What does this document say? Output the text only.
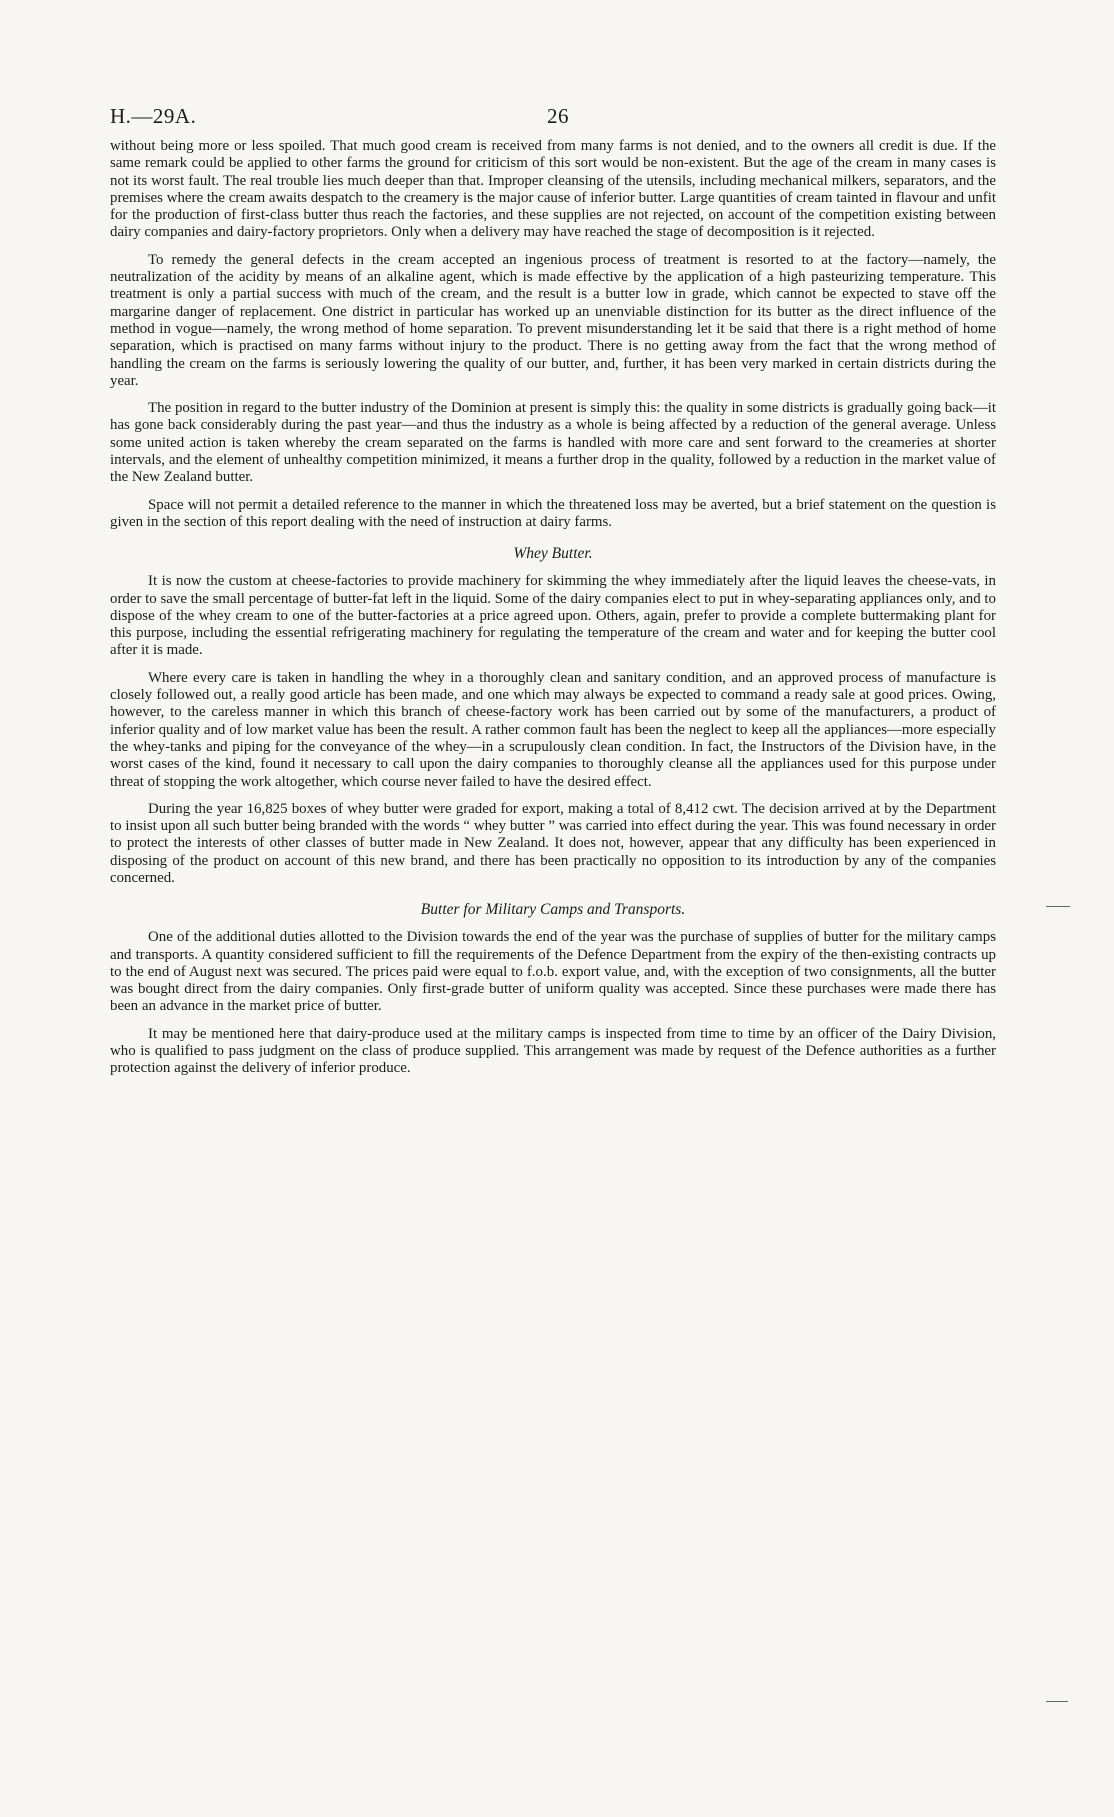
H.—29A.	26

without being more or less spoiled. That much good cream is received from many farms is not denied, and to the owners all credit is due. If the same remark could be applied to other farms the ground for criticism of this sort would be non-existent. But the age of the cream in many cases is not its worst fault. The real trouble lies much deeper than that. Improper cleansing of the utensils, including mechanical milkers, separators, and the premises where the cream awaits despatch to the creamery is the major cause of inferior butter. Large quantities of cream tainted in flavour and unfit for the production of first-class butter thus reach the factories, and these supplies are not rejected, on account of the competition existing between dairy companies and dairy-factory proprietors. Only when a delivery may have reached the stage of decomposition is it rejected.

To remedy the general defects in the cream accepted an ingenious process of treatment is resorted to at the factory—namely, the neutralization of the acidity by means of an alkaline agent, which is made effective by the application of a high pasteurizing temperature. This treatment is only a partial success with much of the cream, and the result is a butter low in grade, which cannot be expected to stave off the margarine danger of replacement. One district in particular has worked up an unenviable distinction for its butter as the direct influence of the method in vogue—namely, the wrong method of home separation. To prevent misunderstanding let it be said that there is a right method of home separation, which is practised on many farms without injury to the product. There is no getting away from the fact that the wrong method of handling the cream on the farms is seriously lowering the quality of our butter, and, further, it has been very marked in certain districts during the year.

The position in regard to the butter industry of the Dominion at present is simply this: the quality in some districts is gradually going back—it has gone back considerably during the past year—and thus the industry as a whole is being affected by a reduction of the general average. Unless some united action is taken whereby the cream separated on the farms is handled with more care and sent forward to the creameries at shorter intervals, and the element of unhealthy competition minimized, it means a further drop in the quality, followed by a reduction in the market value of the New Zealand butter.

Space will not permit a detailed reference to the manner in which the threatened loss may be averted, but a brief statement on the question is given in the section of this report dealing with the need of instruction at dairy farms.

Whey Butter.

It is now the custom at cheese-factories to provide machinery for skimming the whey immediately after the liquid leaves the cheese-vats, in order to save the small percentage of butter-fat left in the liquid. Some of the dairy companies elect to put in whey-separating appliances only, and to dispose of the whey cream to one of the butter-factories at a price agreed upon. Others, again, prefer to provide a complete buttermaking plant for this purpose, including the essential refrigerating machinery for regulating the temperature of the cream and water and for keeping the butter cool after it is made.

Where every care is taken in handling the whey in a thoroughly clean and sanitary condition, and an approved process of manufacture is closely followed out, a really good article has been made, and one which may always be expected to command a ready sale at good prices. Owing, however, to the careless manner in which this branch of cheese-factory work has been carried out by some of the manufacturers, a product of inferior quality and of low market value has been the result. A rather common fault has been the neglect to keep all the appliances—more especially the whey-tanks and piping for the conveyance of the whey—in a scrupulously clean condition. In fact, the Instructors of the Division have, in the worst cases of the kind, found it necessary to call upon the dairy companies to thoroughly cleanse all the appliances used for this purpose under threat of stopping the work altogether, which course never failed to have the desired effect.

During the year 16,825 boxes of whey butter were graded for export, making a total of 8,412 cwt. The decision arrived at by the Department to insist upon all such butter being branded with the words “ whey butter ” was carried into effect during the year. This was found necessary in order to protect the interests of other classes of butter made in New Zealand. It does not, however, appear that any difficulty has been experienced in disposing of the product on account of this new brand, and there has been practically no opposition to its introduction by any of the companies concerned.

Butter for Military Camps and Transports.

One of the additional duties allotted to the Division towards the end of the year was the purchase of supplies of butter for the military camps and transports. A quantity considered sufficient to fill the requirements of the Defence Department from the expiry of the then-existing contracts up to the end of August next was secured. The prices paid were equal to f.o.b. export value, and, with the exception of two consignments, all the butter was bought direct from the dairy companies. Only first-grade butter of uniform quality was accepted. Since these purchases were made there has been an advance in the market price of butter.

It may be mentioned here that dairy-produce used at the military camps is inspected from time to time by an officer of the Dairy Division, who is qualified to pass judgment on the class of produce supplied. This arrangement was made by request of the Defence authorities as a further protection against the delivery of inferior produce.
